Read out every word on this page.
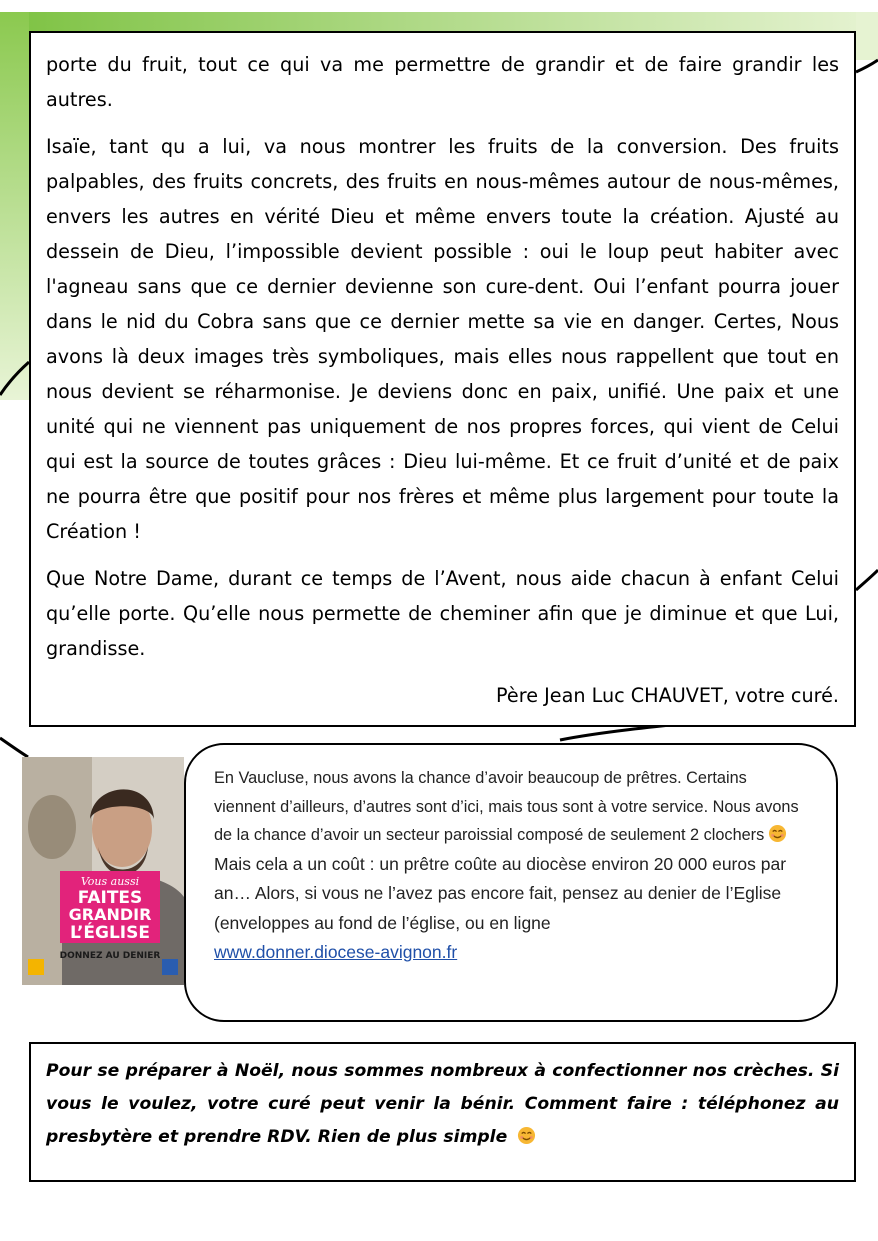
porte du fruit, tout ce qui va me permettre de grandir et de faire grandir les autres.

Isaïe, tant qu a lui, va nous montrer les fruits de la conversion. Des fruits palpables, des fruits concrets, des fruits en nous-mêmes autour de nous-mêmes, envers les autres en vérité Dieu et même envers toute la création. Ajusté au dessein de Dieu, l’impossible devient possible : oui le loup peut habiter avec l'agneau sans que ce dernier devienne son cure-dent. Oui l’enfant pourra jouer dans le nid du Cobra sans que ce dernier mette sa vie en danger. Certes, Nous avons là deux images très symboliques, mais elles nous rappellent que tout en nous devient se réharmonise. Je deviens donc en paix, unifié. Une paix et une unité qui ne viennent pas uniquement de nos propres forces, qui vient de Celui qui est la source de toutes grâces : Dieu lui-même. Et ce fruit d’unité et de paix ne pourra être que positif pour nos frères et même plus largement pour toute la Création !

Que Notre Dame, durant ce temps de l’Avent, nous aide chacun à enfant Celui qu’elle porte. Qu’elle nous permette de cheminer afin que je diminue et que Lui, grandisse.

Père Jean Luc CHAUVET, votre curé.

Vous aussi
FAITES
GRANDIR
L’ÉGLISE
DONNEZ AU DENIER
En Vaucluse, nous avons la chance d’avoir beaucoup de prêtres. Certains viennent d’ailleurs, d’autres sont d’ici, mais tous sont à votre service. Nous avons de la chance d’avoir un secteur paroissial composé de seulement 2 clochersMais cela a un coût : un prêtre coûte au diocèse environ 20 000 euros par an… Alors, si vous ne l’avez pas encore fait, pensez au denier de l’Eglise (enveloppes au fond de l’église, ou en ligne
www.donner.diocese-avignon.fr
Pour se préparer à Noël, nous sommes nombreux à confectionner nos crèches. Si vous le voulez, votre curé peut venir la bénir. Comment faire : téléphonez au presbytère et prendre RDV. Rien de plus simple
